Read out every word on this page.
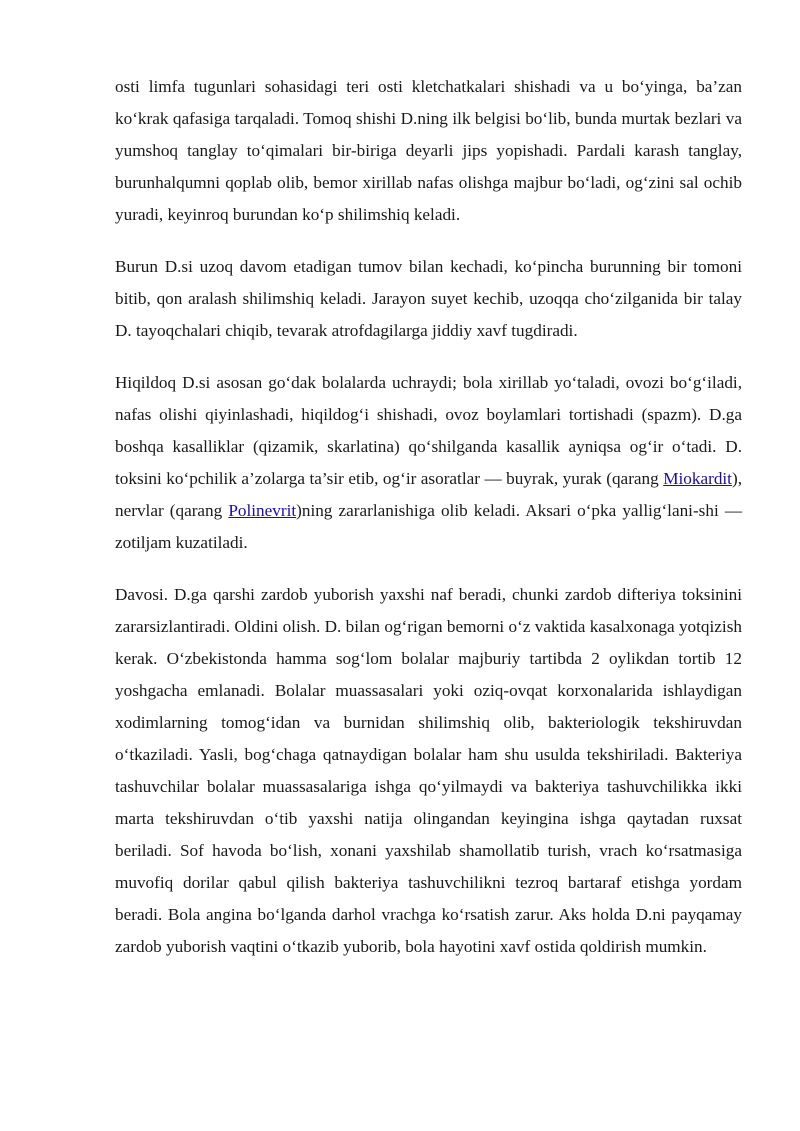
osti limfa tugunlari sohasidagi teri osti kletchatkalari shishadi va u bo‘yinga, ba’zan ko‘krak qafasiga tarqaladi. Tomoq shishi D.ning ilk belgisi bo‘lib, bunda murtak bezlari va yumshoq tanglay to‘qimalari bir-biriga deyarli jips yopishadi. Pardali karash tanglay, burunhalqumni qoplab olib, bemor xirillab nafas olishga majbur bo‘ladi, og‘zini sal ochib yuradi, keyinroq burundan ko‘p shilimshiq keladi.

Burun D.si uzoq davom etadigan tumov bilan kechadi, ko‘pincha burunning bir tomoni bitib, qon aralash shilimshiq keladi. Jarayon suyet kechib, uzoqqa cho‘zilganida bir talay D. tayoqchalari chiqib, tevarak atrofdagilarga jiddiy xavf tugdiradi.

Hiqildoq D.si asosan go‘dak bolalarda uchraydi; bola xirillab yo‘taladi, ovozi bo‘g‘iladi, nafas olishi qiyinlashadi, hiqildog‘i shishadi, ovoz boylamlari tortishadi (spazm). D.ga boshqa kasalliklar (qizamik, skarlatina) qo‘shilganda kasallik ayniqsa og‘ir o‘tadi. D. toksini ko‘pchilik a’zolarga ta’sir etib, og‘ir asoratlar — buyrak, yurak (qarang Miokardit), nervlar (qarang Polinevrit)ning zararlanishiga olib keladi. Aksari o‘pka yallig‘lani-shi — zotiljam kuzatiladi.

Davosi. D.ga qarshi zardob yuborish yaxshi naf beradi, chunki zardob difteriya toksinini zararsizlantiradi. Oldini olish. D. bilan og‘rigan bemorni o‘z vaktida kasalxonaga yotqizish kerak. O‘zbekistonda hamma sog‘lom bolalar majburiy tartibda 2 oylikdan tortib 12 yoshgacha emlanadi. Bolalar muassasalari yoki oziq-ovqat korxonalarida ishlaydigan xodimlarning tomog‘idan va burnidan shilimshiq olib, bakteriologik tekshiruvdan o‘tkaziladi. Yasli, bog‘chaga qatnaydigan bolalar ham shu usulda tekshiriladi. Bakteriya tashuvchilar bolalar muassasalariga ishga qo‘yilmaydi va bakteriya tashuvchilikka ikki marta tekshiruvdan o‘tib yaxshi natija olingandan keyingina ishga qaytadan ruxsat beriladi. Sof havoda bo‘lish, xonani yaxshilab shamollatib turish, vrach ko‘rsatmasiga muvofiq dorilar qabul qilish bakteriya tashuvchilikni tezroq bartaraf etishga yordam beradi. Bola angina bo‘lganda darhol vrachga ko‘rsatish zarur. Aks holda D.ni payqamay zardob yuborish vaqtini o‘tkazib yuborib, bola hayotini xavf ostida qoldirish mumkin.
